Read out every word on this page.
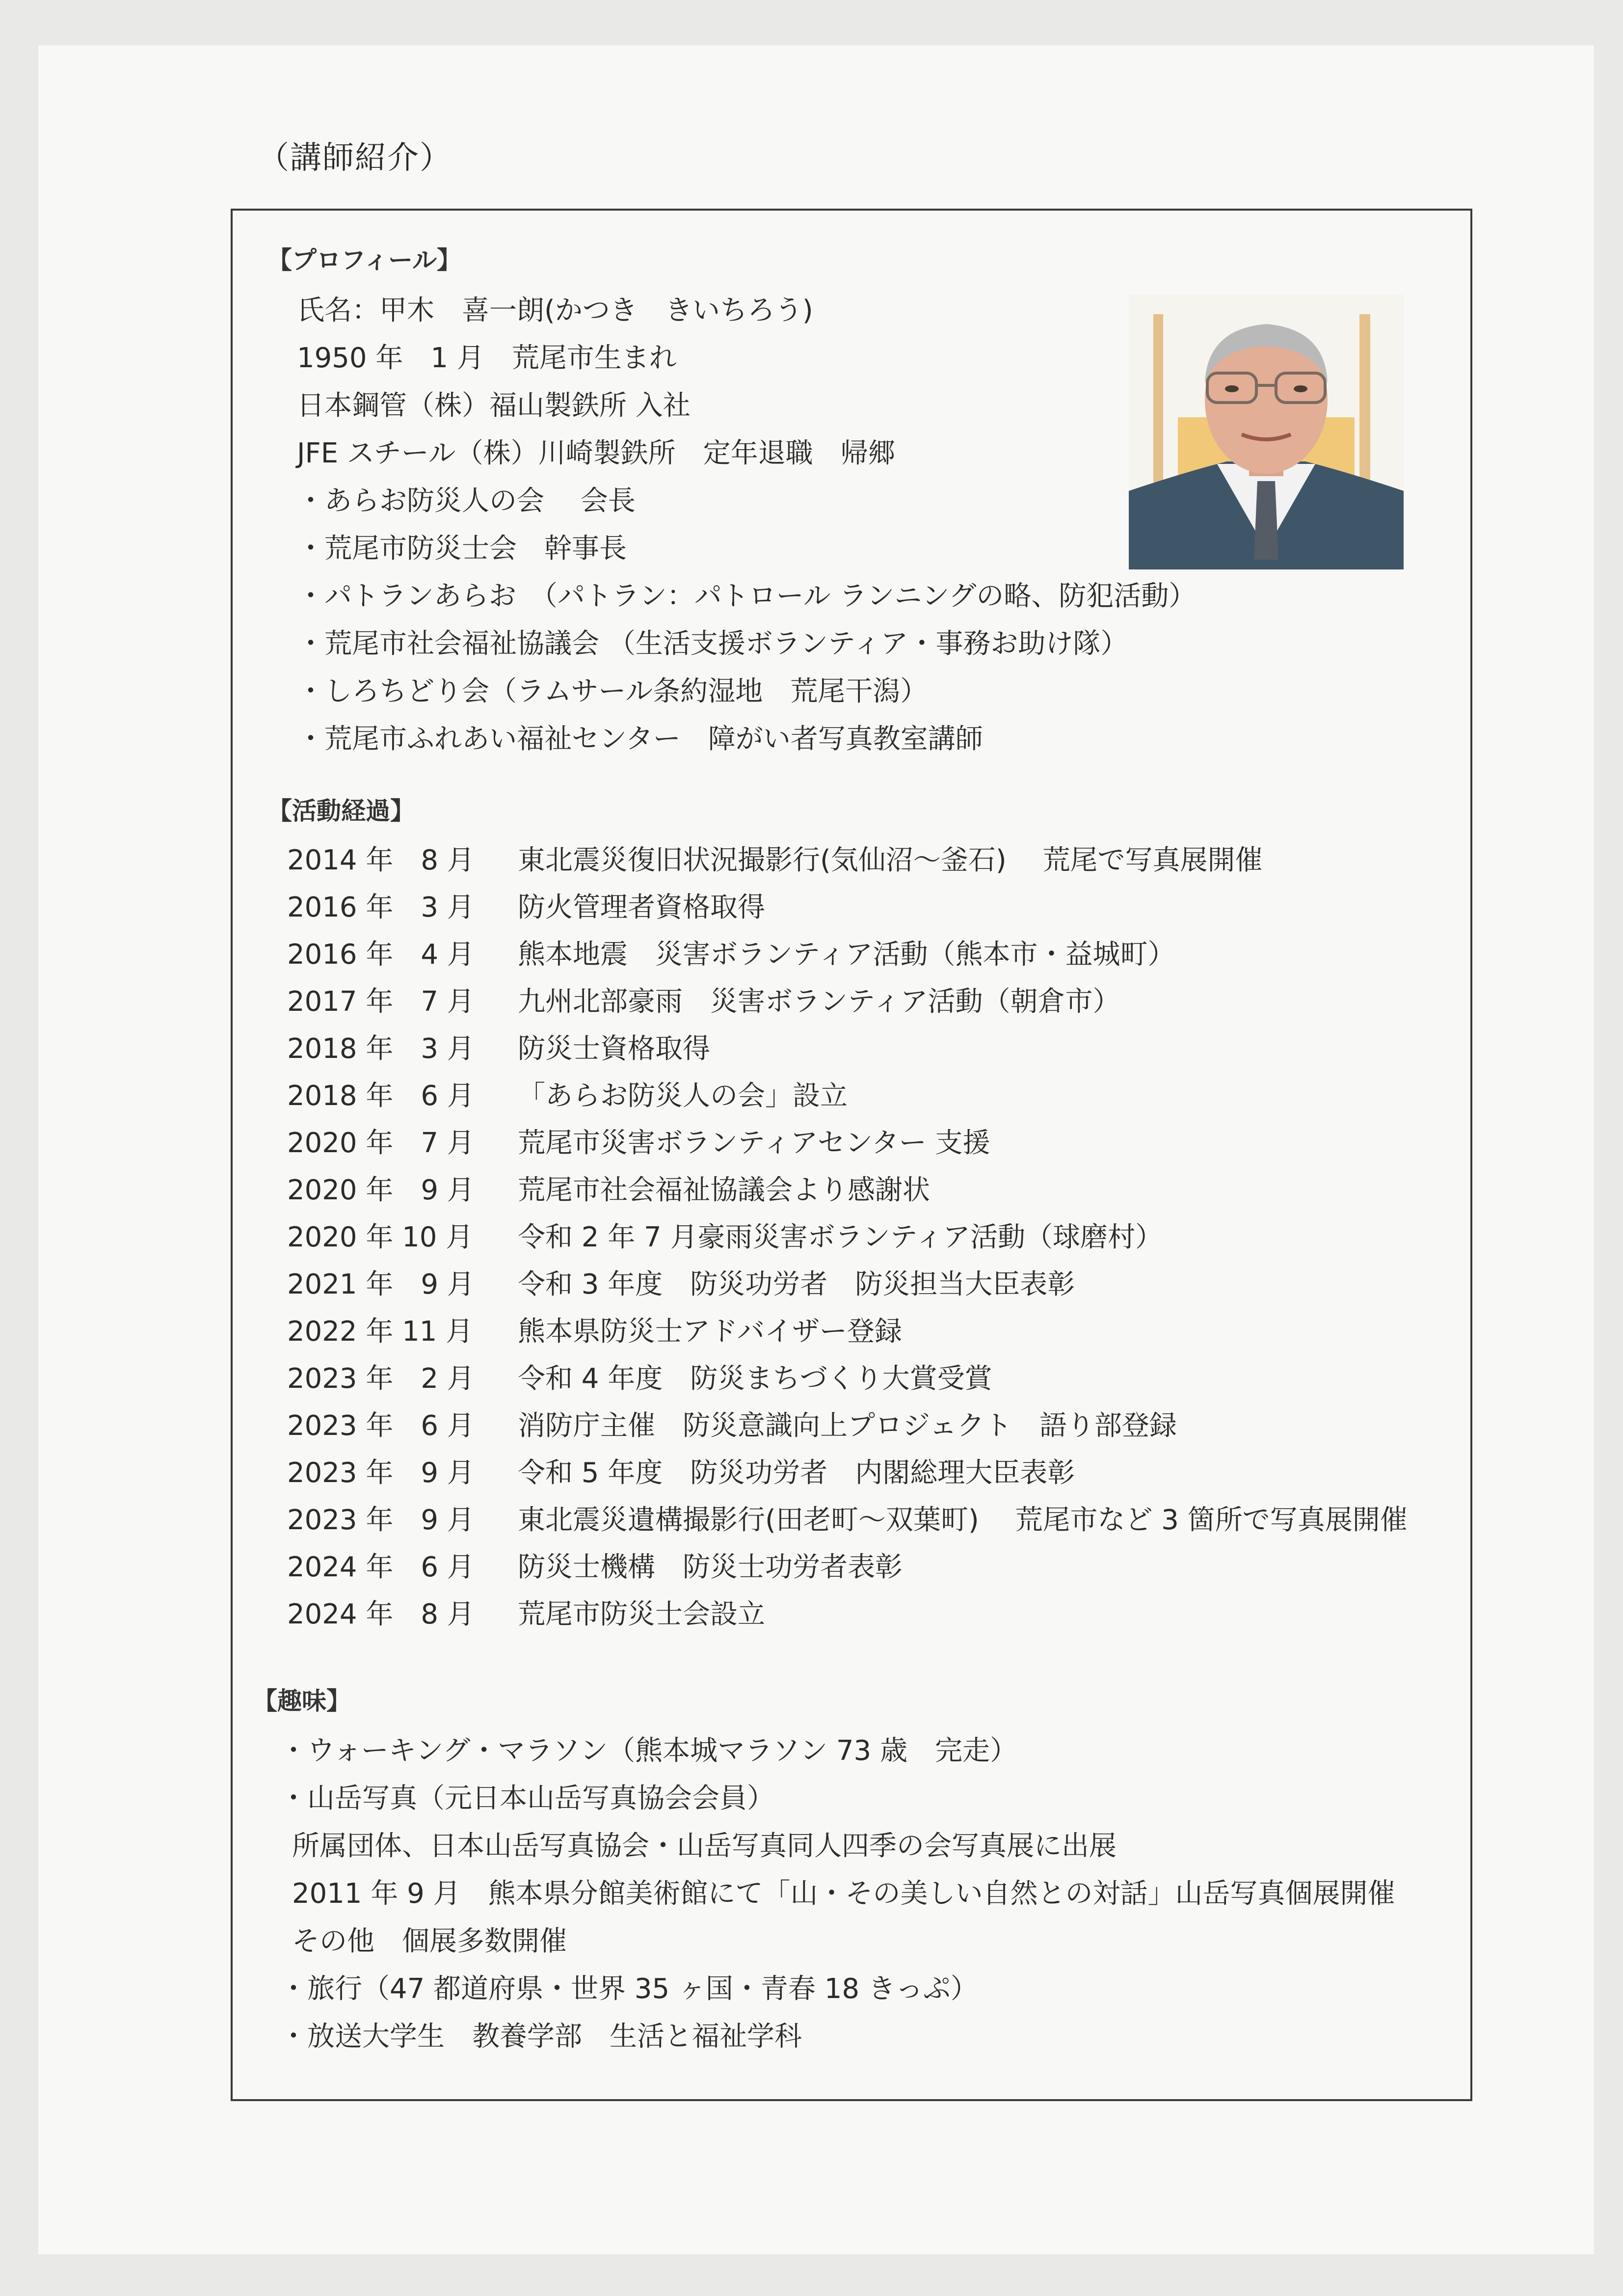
（講師紹介）
【プロフィール】
氏名：甲木　喜一朗(かつき　きいちろう)
1950 年　1 月　荒尾市生まれ
日本鋼管（株）福山製鉄所 入社
JFE スチール（株）川崎製鉄所　定年退職　帰郷
・あらお防災人の会　 会長
・荒尾市防災士会　幹事長
・パトランあらお　（パトラン：パトロール ランニングの略、防犯活動）
・荒尾市社会福祉協議会 （生活支援ボランティア・事務お助け隊）
・しろちどり会（ラムサール条約湿地　荒尾干潟）
・荒尾市ふれあい福祉センター　障がい者写真教室講師
【活動経過】
2014 年　8 月 東北震災復旧状況撮影行(気仙沼～釜石)　 荒尾で写真展開催
2016 年　3 月 防火管理者資格取得
2016 年　4 月 熊本地震　災害ボランティア活動（熊本市・益城町）
2017 年　7 月 九州北部豪雨　災害ボランティア活動（朝倉市）
2018 年　3 月 防災士資格取得
2018 年　6 月 「あらお防災人の会」設立
2020 年　7 月 荒尾市災害ボランティアセンター 支援
2020 年　9 月 荒尾市社会福祉協議会より感謝状
2020 年 10 月 令和 2 年 7 月豪雨災害ボランティア活動（球磨村）
2021 年　9 月 令和 3 年度　防災功労者　防災担当大臣表彰
2022 年 11 月 熊本県防災士アドバイザー登録
2023 年　2 月 令和 4 年度　防災まちづくり大賞受賞
2023 年　6 月 消防庁主催　防災意識向上プロジェクト　語り部登録
2023 年　9 月 令和 5 年度　防災功労者　内閣総理大臣表彰
2023 年　9 月 東北震災遺構撮影行(田老町～双葉町)　 荒尾市など 3 箇所で写真展開催
2024 年　6 月 防災士機構　防災士功労者表彰
2024 年　8 月 荒尾市防災士会設立
【趣味】
・ウォーキング・マラソン（熊本城マラソン 73 歳　完走）
・山岳写真（元日本山岳写真協会会員）
所属団体、日本山岳写真協会・山岳写真同人四季の会写真展に出展
2011 年 9 月　熊本県分館美術館にて「山・その美しい自然との対話」山岳写真個展開催
その他　個展多数開催
・旅行（47 都道府県・世界 35 ヶ国・青春 18 きっぷ）
・放送大学生　教養学部　生活と福祉学科
